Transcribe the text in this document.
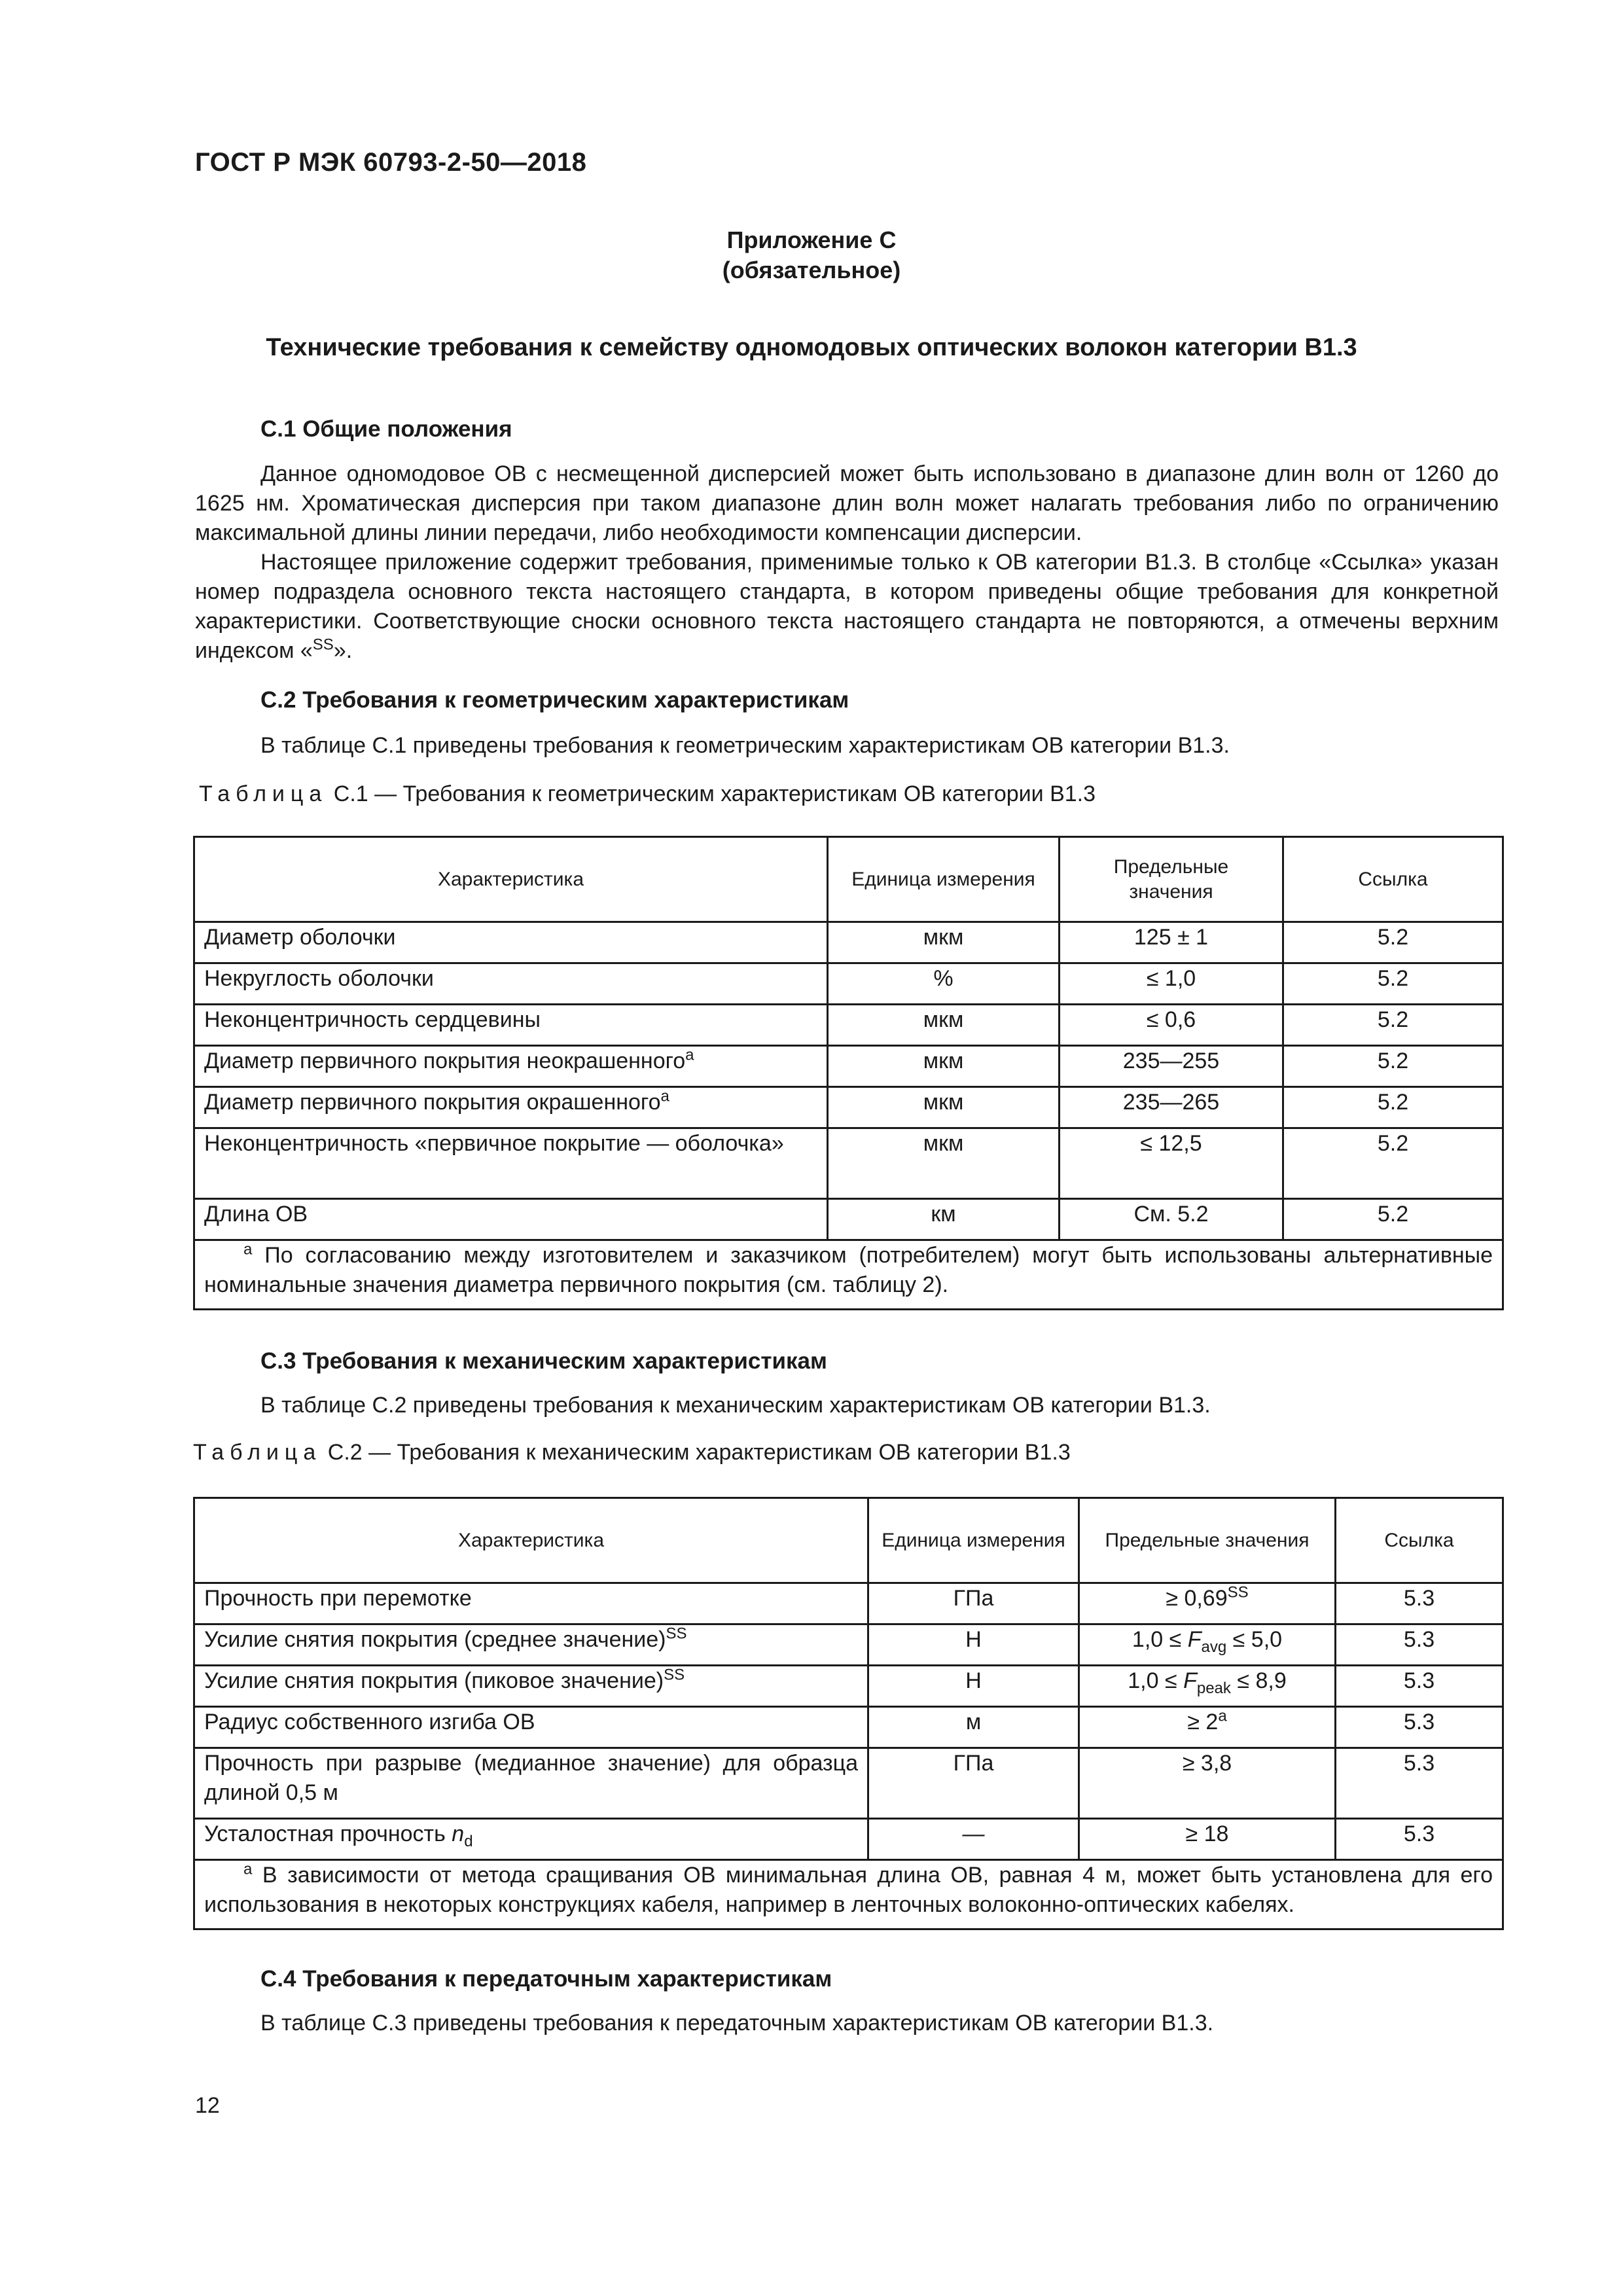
ГОСТ Р МЭК 60793-2-50—2018
Приложение С
(обязательное)
Технические требования к семейству одномодовых оптических волокон категории B1.3
С.1 Общие положения

Данное одномодовое ОВ с несмещенной дисперсией может быть использовано в диапазоне длин волн от 1260 до 1625 нм. Хроматическая дисперсия при таком диапазоне длин волн может налагать требования либо по ограничению максимальной длины линии передачи, либо необходимости компенсации дисперсии.

Настоящее приложение содержит требования, применимые только к ОВ категории В1.3. В столбце «Ссылка» указан номер подраздела основного текста настоящего стандарта, в котором приведены общие требования для конкретной характеристики. Соответствующие сноски основного текста настоящего стандарта не повторяются, а отмечены верхним индексом «$^{SS}$».

С.2 Требования к геометрическим характеристикам
В таблице С.1 приведены требования к геометрическим характеристикам ОВ категории В1.3.
Таблица С.1 — Требования к геометрическим характеристикам ОВ категории В1.3
Характеристика	Единица измерения	Предельные значения	Ссылка
Диаметр оболочки	мкм	125 ± 1	5.2
Некруглость оболочки	%	≤ 1,0	5.2
Неконцентричность сердцевины	мкм	≤ 0,6	5.2
Диаметр первичного покрытия неокрашенного$^a$	мкм	235—255	5.2
Диаметр первичного покрытия окрашенного$^a$	мкм	235—265	5.2
Неконцентричность «первичное покрытие — оболочка»	мкм	≤ 12,5	5.2
Длина ОВ	км	См. 5.2	5.2
$^a$ По согласованию между изготовителем и заказчиком (потребителем) могут быть использованы альтернативные номинальные значения диаметра первичного покрытия (см. таблицу 2).			
С.3 Требования к механическим характеристикам
В таблице С.2 приведены требования к механическим характеристикам ОВ категории В1.3.
Таблица С.2 — Требования к механическим характеристикам ОВ категории В1.3
Характеристика	Единица измерения	Предельные значения	Ссылка
Прочность при перемотке	ГПа	≥ $0,69^{SS}$	5.3
Усилие снятия покрытия (среднее значение)$^{SS}$	Н	$1,0 \le F_{avg} \le 5,0$	5.3
Усилие снятия покрытия (пиковое значение)$^{SS}$	Н	$1,0 \le F_{peak} \le 8,9$	5.3
Радиус собственного изгиба ОВ	м	≥ $2^a$	5.3
Прочность при разрыве (медианное значение) для образца длиной 0,5 м	ГПа	≥ 3,8	5.3
Усталостная прочность $n_d$	—	≥ 18	5.3
$^a$ В зависимости от метода сращивания ОВ минимальная длина ОВ, равная 4 м, может быть установлена для его использования в некоторых конструкциях кабеля, например в ленточных волоконно-оптических кабелях.			
С.4 Требования к передаточным характеристикам
В таблице С.3 приведены требования к передаточным характеристикам ОВ категории В1.3.
12
